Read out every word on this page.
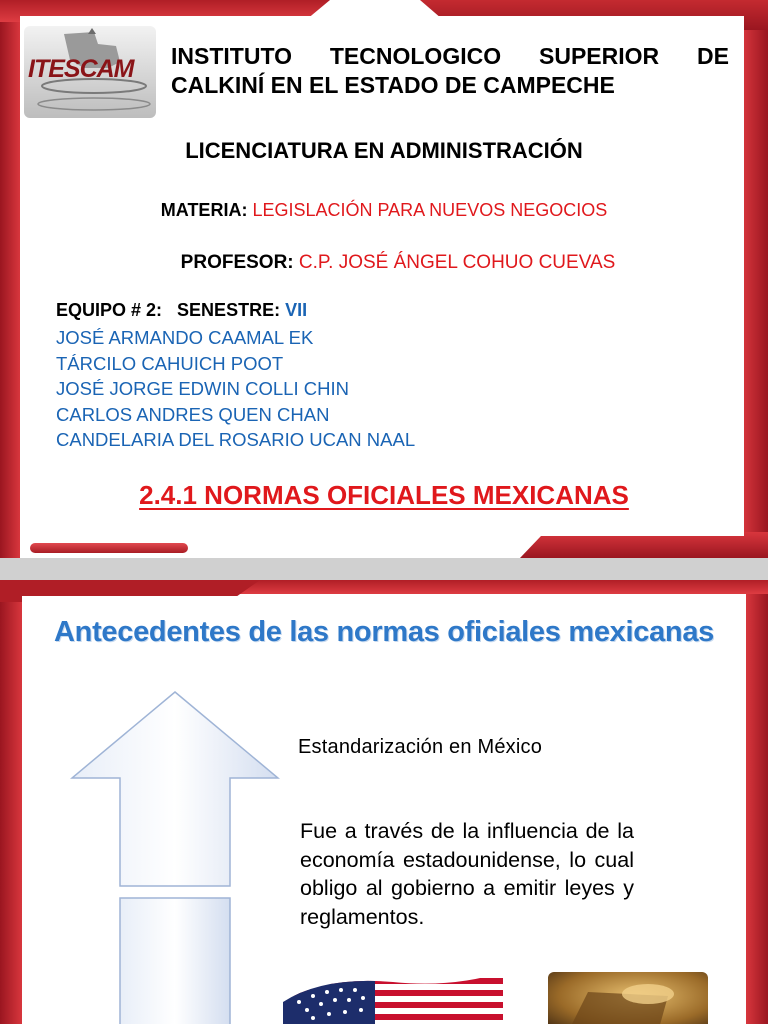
ITESCAM INSTITUTO TECNOLOGICO SUPERIOR DE CALKINÍ EN EL ESTADO DE CAMPECHE
LICENCIATURA EN ADMINISTRACIÓN
MATERIA: LEGISLACIÓN PARA NUEVOS NEGOCIOS
PROFESOR: C.P. JOSÉ ÁNGEL COHUO CUEVAS
EQUIPO # 2: SENESTRE: VII
JOSÉ ARMANDO CAAMAL EK
TÁRCILO CAHUICH POOT
JOSÉ JORGE EDWIN COLLI CHIN
CARLOS ANDRES QUEN CHAN
CANDELARIA DEL ROSARIO UCAN NAAL
2.4.1 NORMAS OFICIALES MEXICANAS
Antecedentes de las normas oficiales mexicanas
Estandarización en México
Fue a través de la influencia de la economía estadounidense, lo cual obligo al gobierno a emitir leyes y reglamentos.
